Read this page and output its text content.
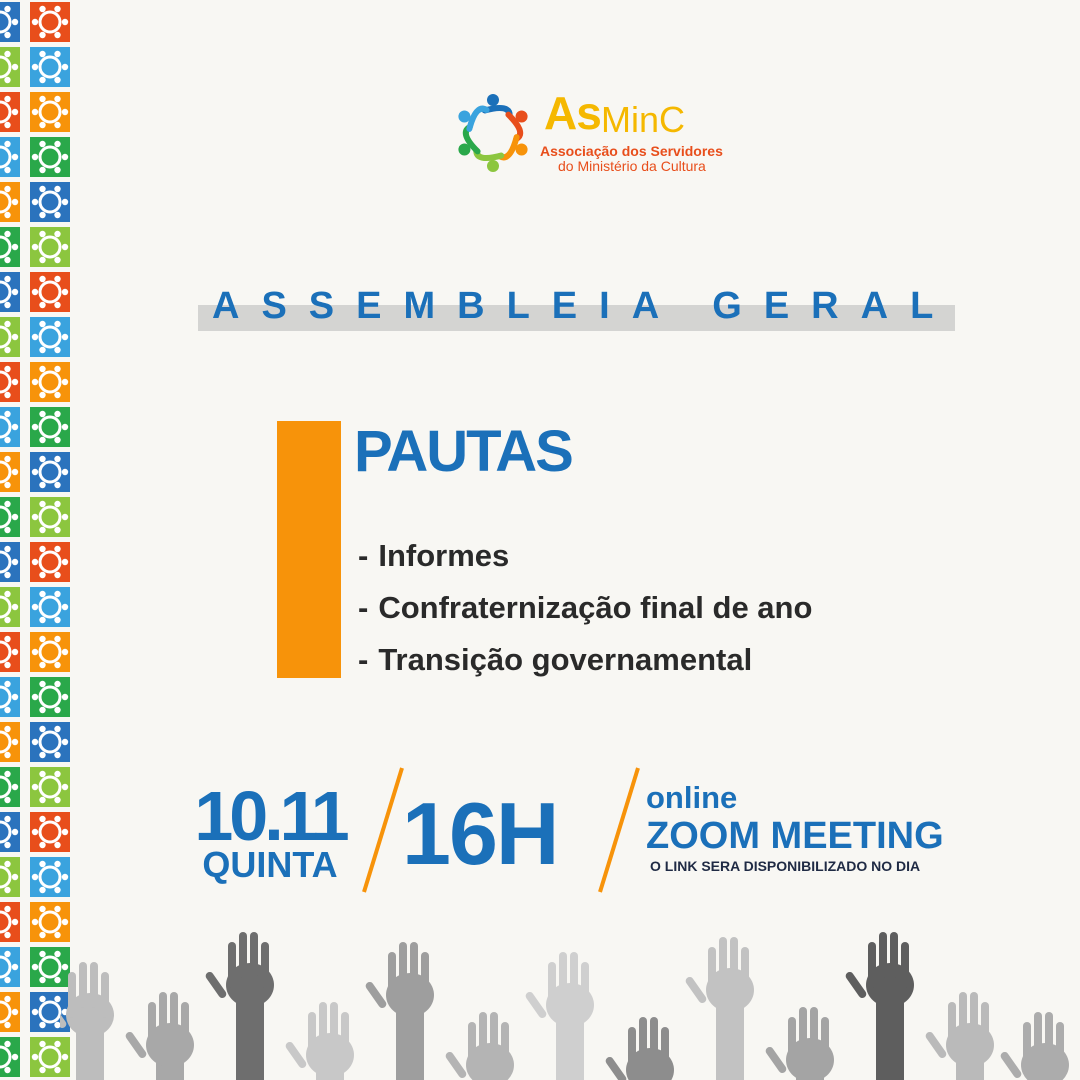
As MinC
Associação dos Servidores
do Ministério da Cultura
ASSEMBLEIA GERAL
PAUTAS
- Informes
- Confraternização final de ano
- Transição governamental
10.11
QUINTA 16H	online
ZOOM MEETING
O LINK SERA DISPONIBILIZADO NO DIA
